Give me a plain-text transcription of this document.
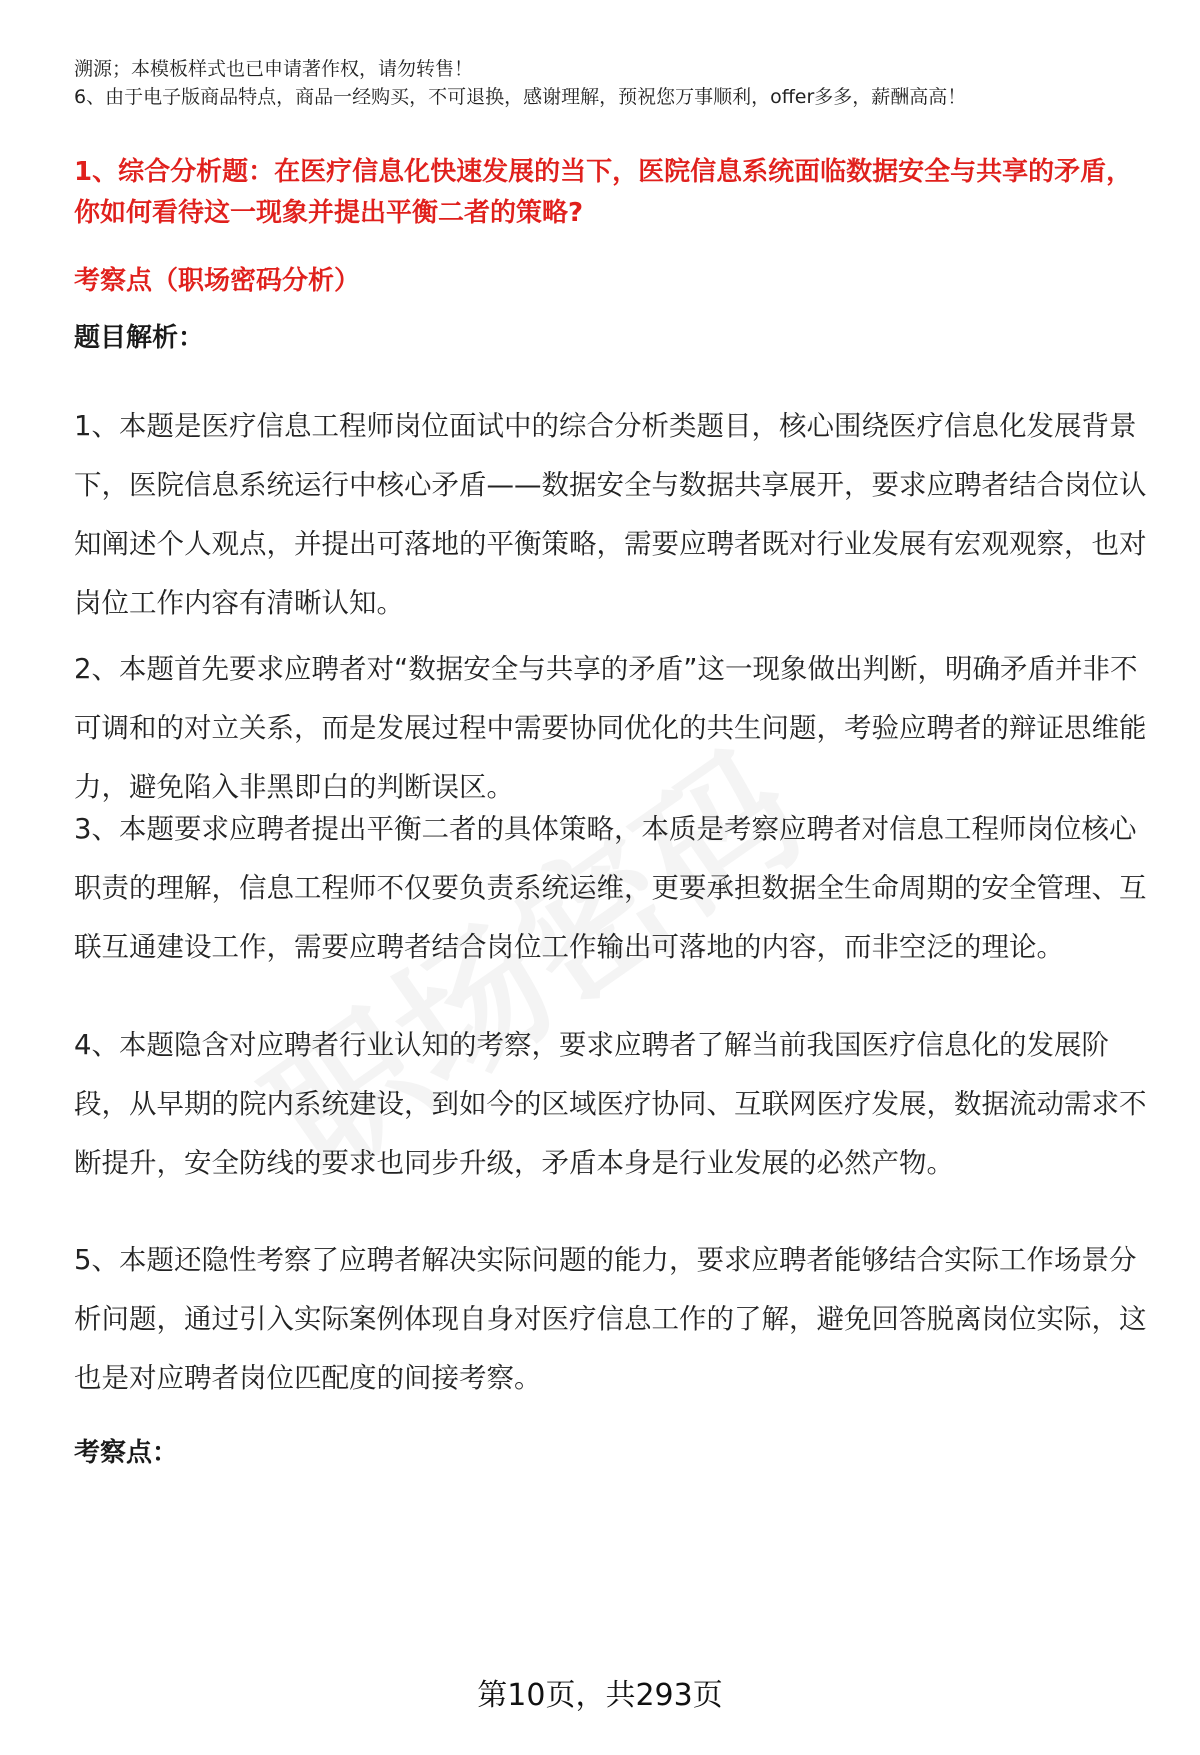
溯源；本模板样式也已申请著作权，请勿转售！
6、由于电子版商品特点，商品一经购买，不可退换，感谢理解，预祝您万事顺利，offer多多，薪酬高高！
1、综合分析题：在医疗信息化快速发展的当下，医院信息系统面临数据安全与共享的矛盾，你如何看待这一现象并提出平衡二者的策略?
考察点（职场密码分析）
题目解析：
1、本题是医疗信息工程师岗位面试中的综合分析类题目，核心围绕医疗信息化发展背景下，医院信息系统运行中核心矛盾——数据安全与数据共享展开，要求应聘者结合岗位认知阐述个人观点，并提出可落地的平衡策略，需要应聘者既对行业发展有宏观观察，也对岗位工作内容有清晰认知。
2、本题首先要求应聘者对“数据安全与共享的矛盾”这一现象做出判断，明确矛盾并非不可调和的对立关系，而是发展过程中需要协同优化的共生问题，考验应聘者的辩证思维能力，避免陷入非黑即白的判断误区。
3、本题要求应聘者提出平衡二者的具体策略，本质是考察应聘者对信息工程师岗位核心职责的理解，信息工程师不仅要负责系统运维，更要承担数据全生命周期的安全管理、互联互通建设工作，需要应聘者结合岗位工作输出可落地的内容，而非空泛的理论。
4、本题隐含对应聘者行业认知的考察，要求应聘者了解当前我国医疗信息化的发展阶段，从早期的院内系统建设，到如今的区域医疗协同、互联网医疗发展，数据流动需求不断提升，安全防线的要求也同步升级，矛盾本身是行业发展的必然产物。
5、本题还隐性考察了应聘者解决实际问题的能力，要求应聘者能够结合实际工作场景分析问题，通过引入实际案例体现自身对医疗信息工作的了解，避免回答脱离岗位实际，这也是对应聘者岗位匹配度的间接考察。
考察点：
第10页，共293页
